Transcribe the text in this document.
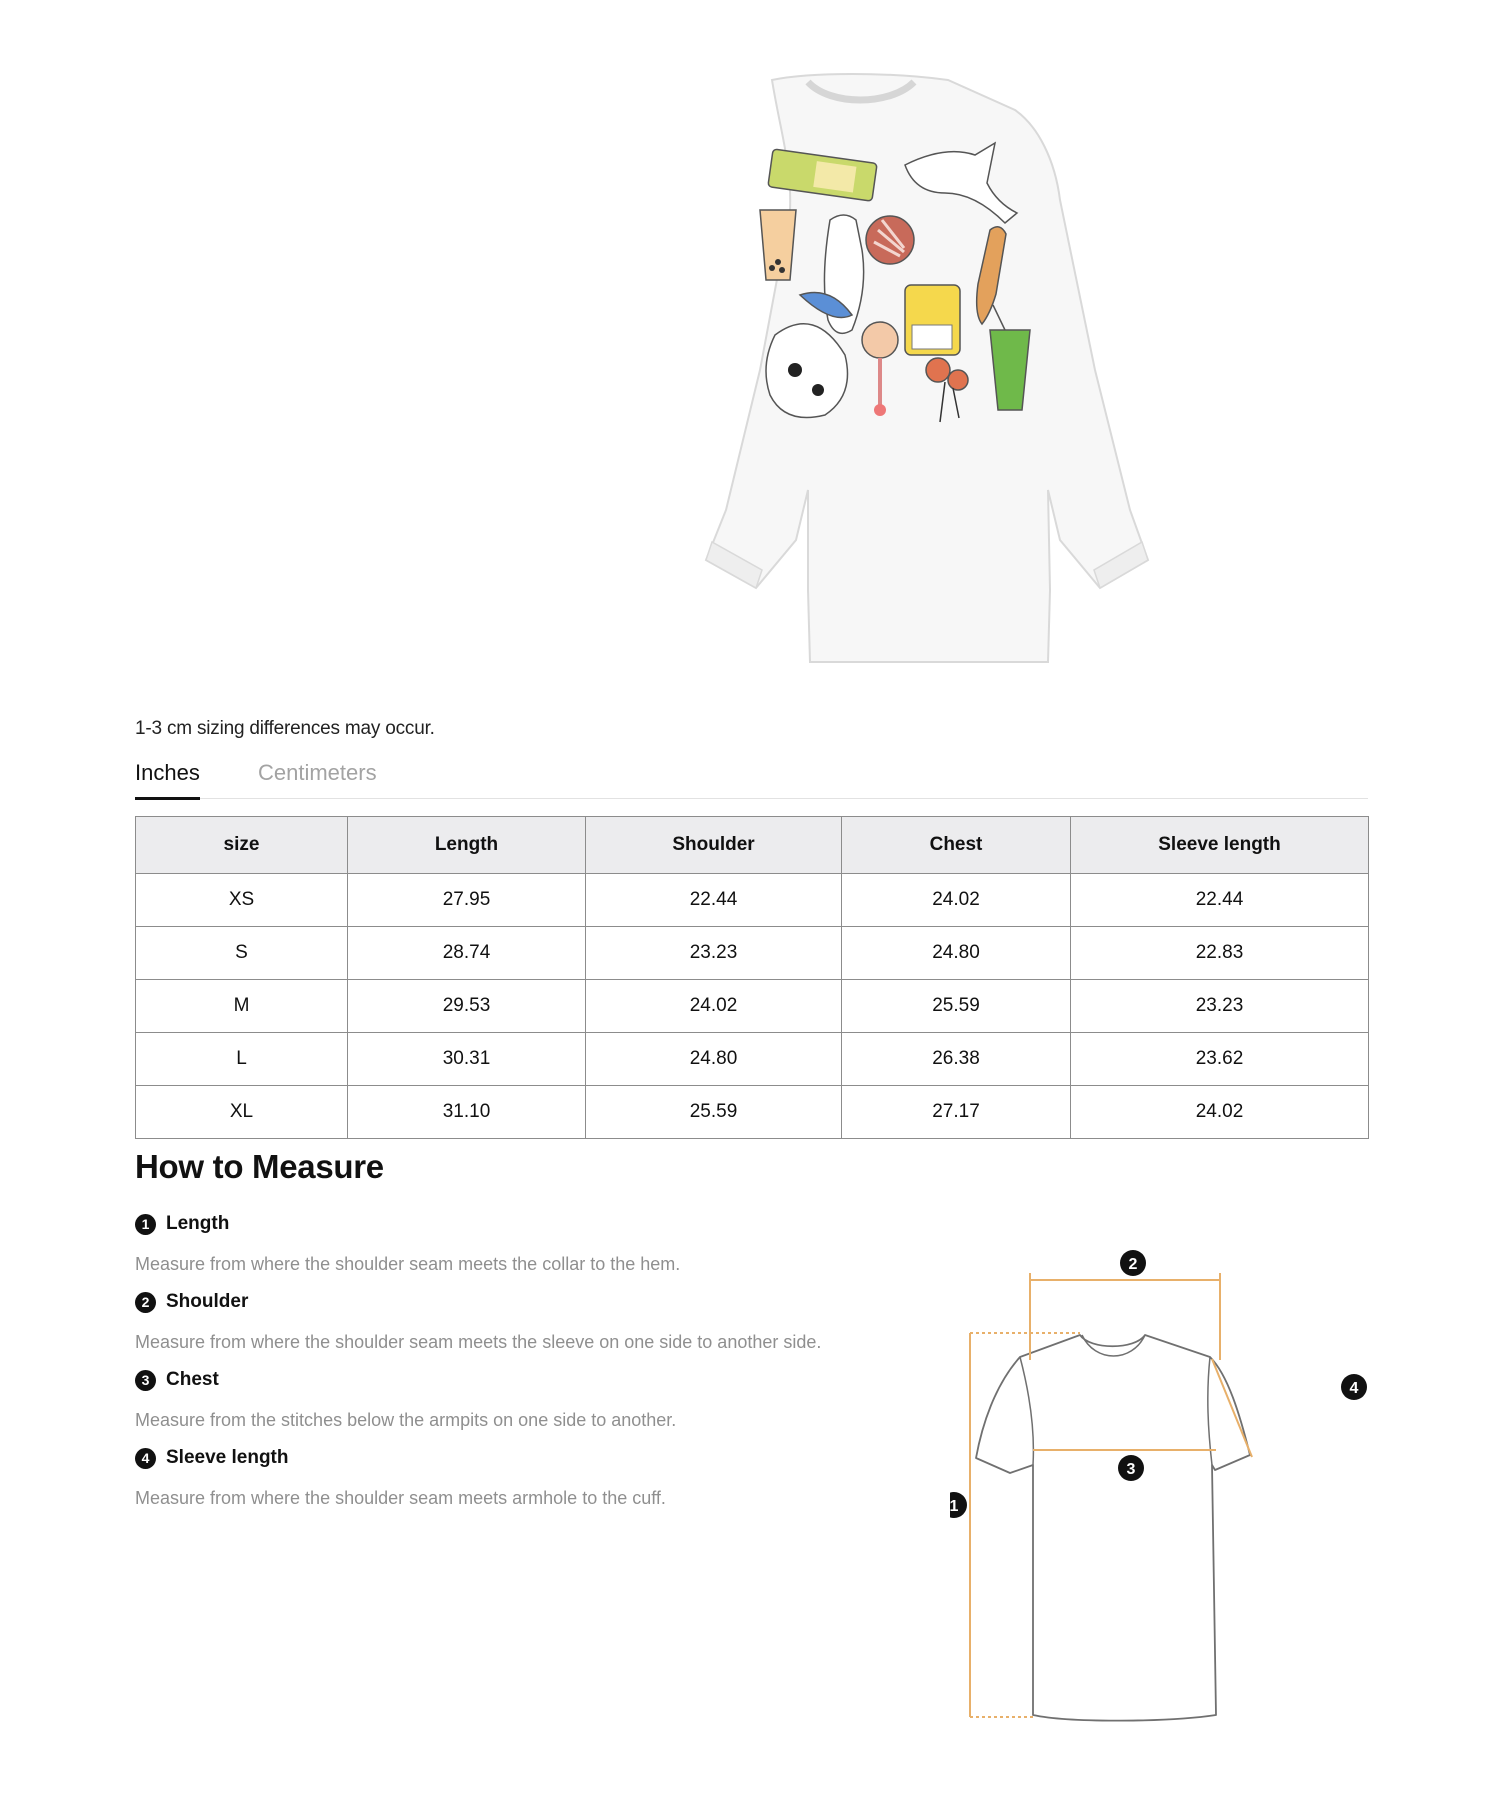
1-3 cm sizing differences may occur.
Inches	Centimeters
size	Length	Shoulder	Chest	Sleeve length
XS	27.95	22.44	24.02	22.44
S	28.74	23.23	24.80	22.83
M	29.53	24.02	25.59	23.23
L	30.31	24.80	26.38	23.62
XL	31.10	25.59	27.17	24.02
How to Measure
1 Length
Measure from where the shoulder seam meets the collar to the hem.
2 Shoulder
Measure from where the shoulder seam meets the sleeve on one side to another side.
3 Chest
Measure from the stitches below the armpits on one side to another.
4 Sleeve length
Measure from where the shoulder seam meets armhole to the cuff.
2
3
1
4
